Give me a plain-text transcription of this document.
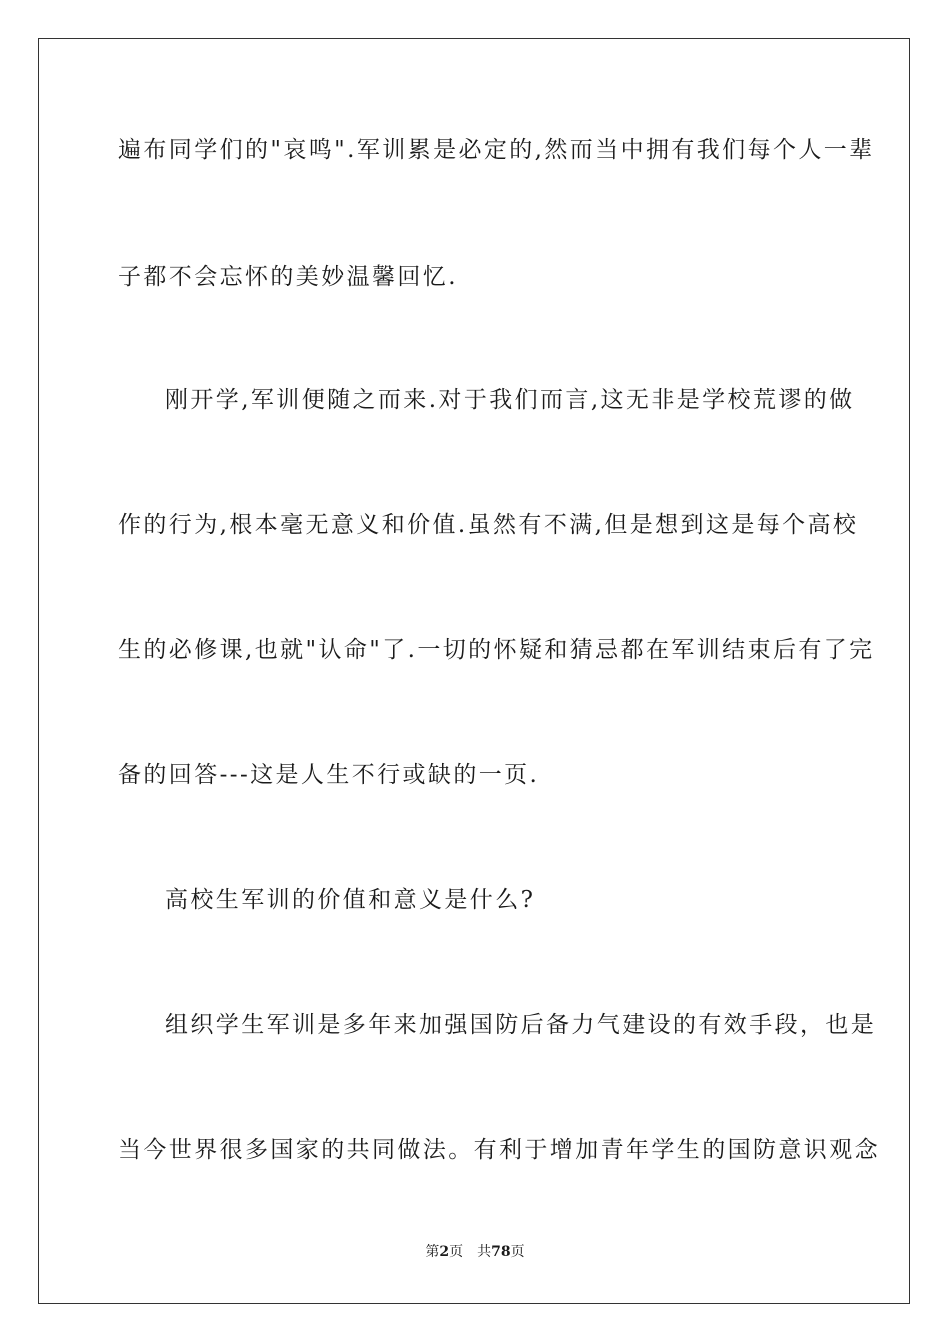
遍布同学们的"哀鸣".军训累是必定的,然而当中拥有我们每个人一辈
子都不会忘怀的美妙温馨回忆.
刚开学,军训便随之而来.对于我们而言,这无非是学校荒谬的做
作的行为,根本毫无意义和价值.虽然有不满,但是想到这是每个高校
生的必修课,也就"认命"了.一切的怀疑和猜忌都在军训结束后有了完
备的回答---这是人生不行或缺的一页.
高校生军训的价值和意义是什么?
组织学生军训是多年来加强国防后备力气建设的有效手段，也是
当今世界很多国家的共同做法。有利于增加青年学生的国防意识观念
第2页 共78页
